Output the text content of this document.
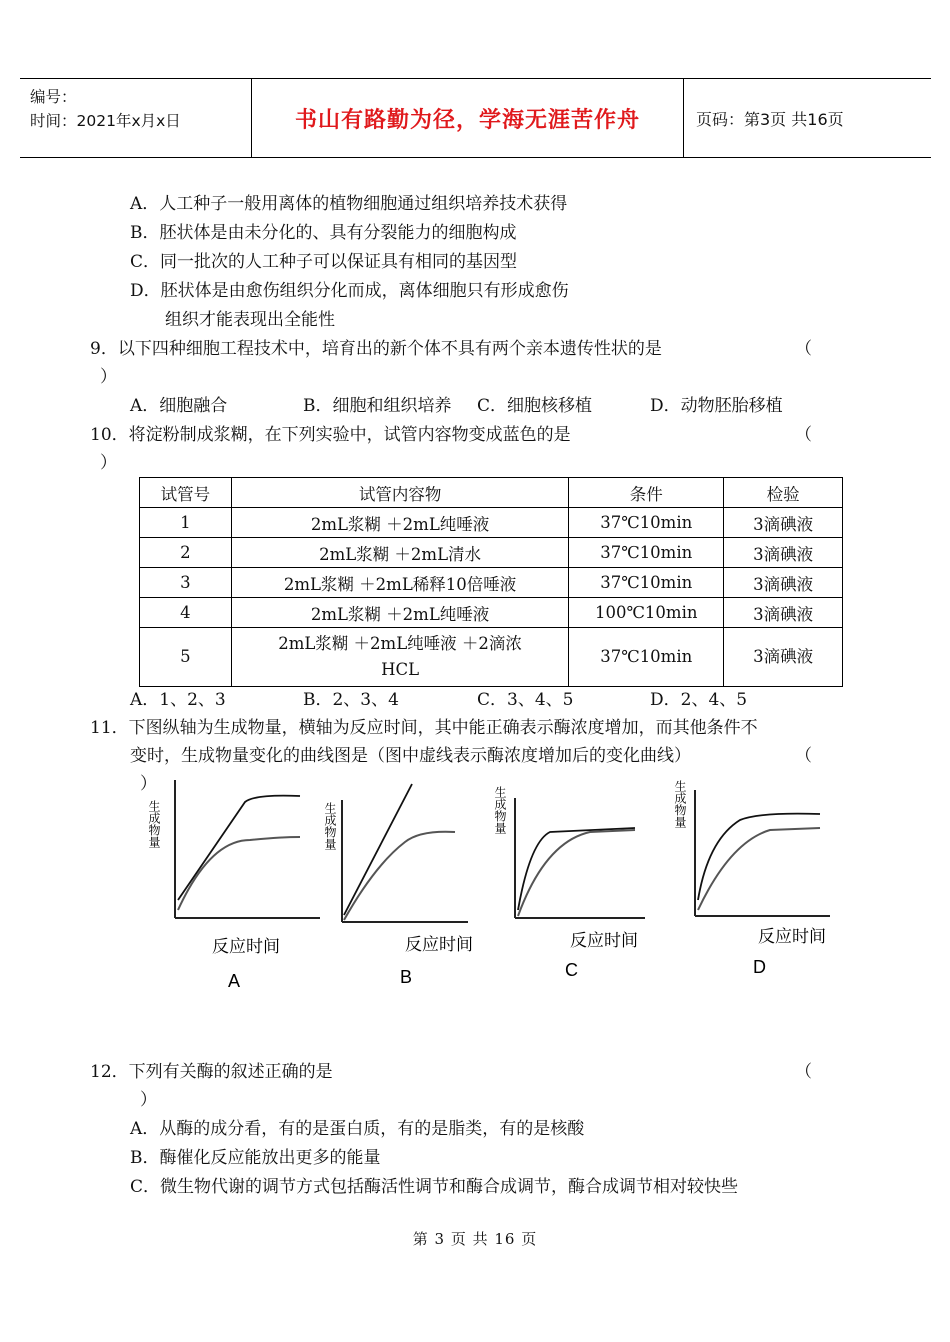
编号：
时间：2021年x月x日	书山有路勤为径，学海无涯苦作舟	页码：第3页 共16页
A．人工种子一般用离体的植物细胞通过组织培养技术获得
B．胚状体是由未分化的、具有分裂能力的细胞构成
C．同一批次的人工种子可以保证具有相同的基因型
D．胚状体是由愈伤组织分化而成，离体细胞只有形成愈伤
组织才能表现出全能性
9．以下四种细胞工程技术中，培育出的新个体不具有两个亲本遗传性状的是	（
）
A．细胞融合	B．细胞和组织培养 C．细胞核移植	D．动物胚胎移植
10．将淀粉制成浆糊，在下列实验中，试管内容物变成蓝色的是	（
）
试管号	试管内容物	条件	检验
1	2mL浆糊 ＋2mL纯唾液	37℃10min	3滴碘液
2	2mL浆糊 ＋2mL清水	37℃10min	3滴碘液
3	2mL浆糊 ＋2mL稀释10倍唾液	37℃10min	3滴碘液
4	2mL浆糊 ＋2mL纯唾液	100℃10min	3滴碘液
5	2mL浆糊 ＋2mL纯唾液 ＋2滴浓HCL	37℃10min	3滴碘液
A．1、2、3	B．2、3、4	C．3、4、5	D．2、4、5
11．下图纵轴为生成物量，横轴为反应时间，其中能正确表示酶浓度增加，而其他条件不
变时，生成物量变化的曲线图是（图中虚线表示酶浓度增加后的变化曲线）	（
）
生成物量
反应时间
A
生成物量
反应时间
B
生成物量
反应时间
C
生成物量
反应时间
D
12．下列有关酶的叙述正确的是	（
）
A．从酶的成分看，有的是蛋白质，有的是脂类，有的是核酸
B．酶催化反应能放出更多的能量
C．微生物代谢的调节方式包括酶活性调节和酶合成调节，酶合成调节相对较快些
第 3 页 共 16 页
